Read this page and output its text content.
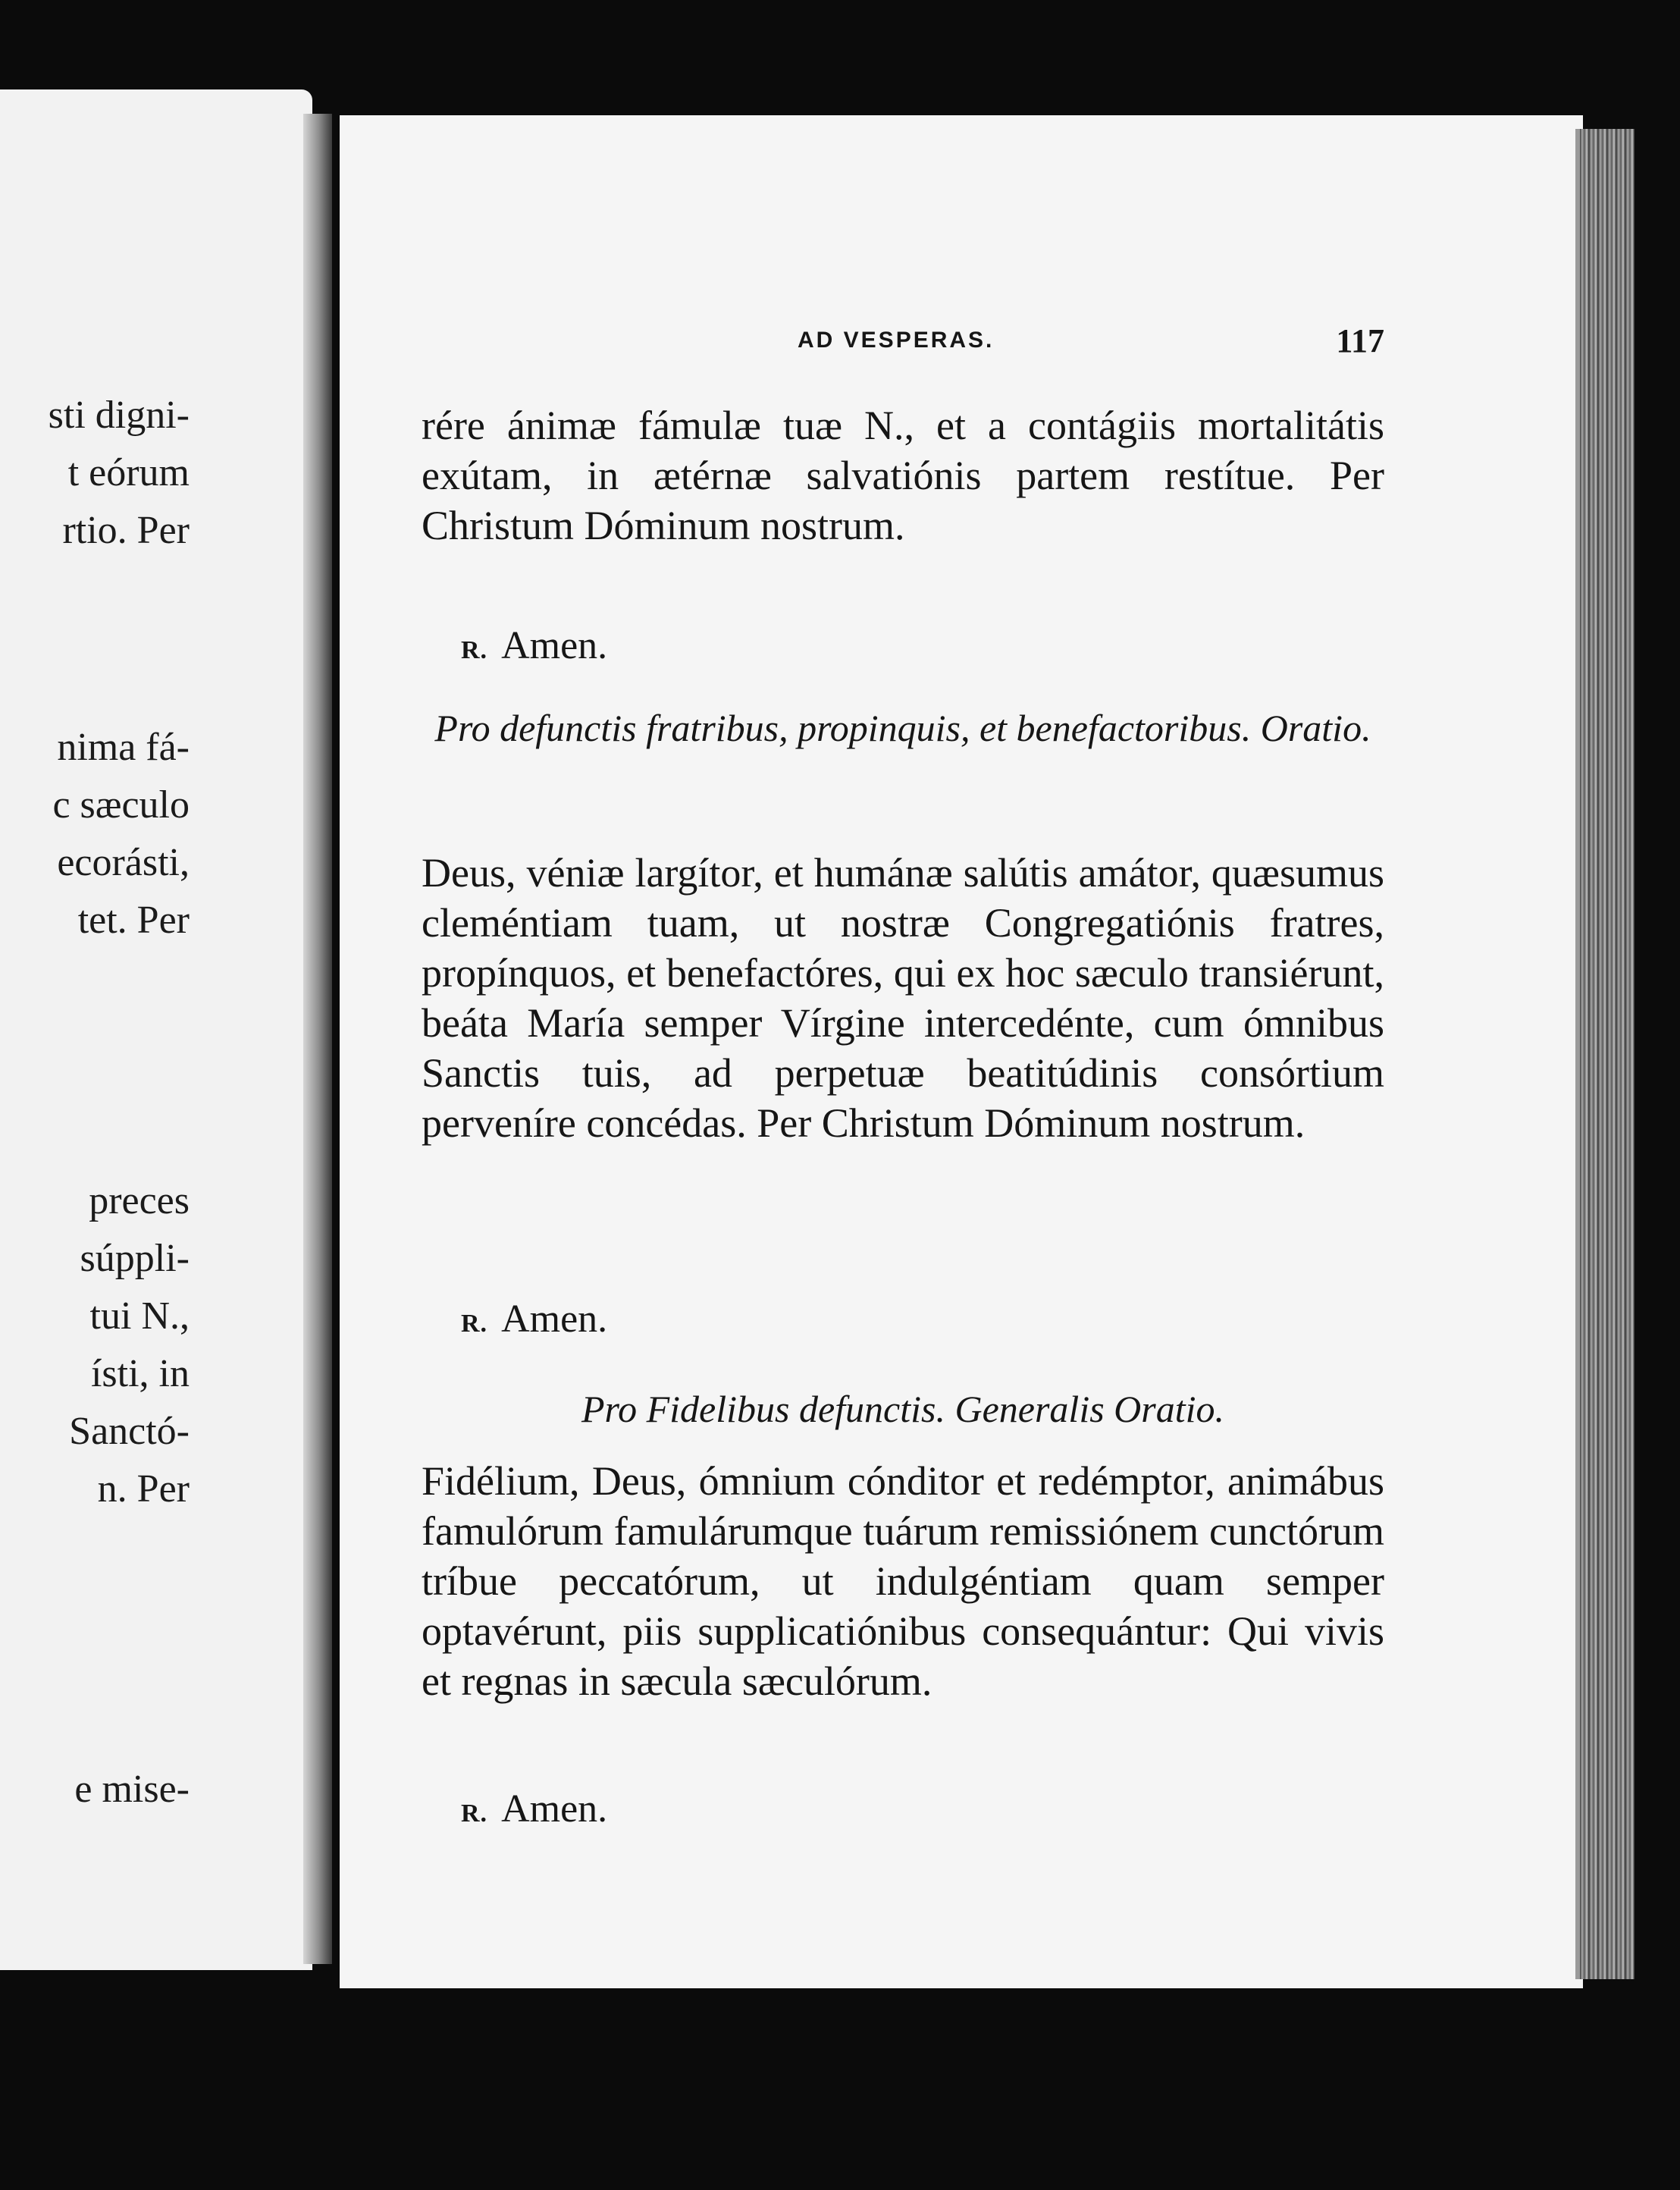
sti digni-
t eórum
rtio. Per
nima fá-
c sæculo
ecorásti,
tet. Per
preces
súppli-
tui N.,
ísti, in
Sanctó-
n. Per
e mise-
AD VESPERAS.	117
rére ánimæ fámulæ tuæ N., et a contágiis mortalitátis exútam, in ætérnæ salvatiónis partem restítue. Per Christum Dóminum nostrum.
R. Amen.
Pro defunctis fratribus, propinquis, et benefactoribus. Oratio.
Deus, véniæ largítor, et humánæ salútis amátor, quæsumus cleméntiam tuam, ut nostræ Congregatiónis fratres, propínquos, et benefactóres, qui ex hoc sæculo transiérunt, beáta María semper Vírgine intercedénte, cum ómnibus Sanctis tuis, ad perpetuæ beatitúdinis consórtium perveníre concédas. Per Christum Dóminum nostrum.
R. Amen.
Pro Fidelibus defunctis. Generalis Oratio.
Fidélium, Deus, ómnium cónditor et redémptor, animábus famulórum famulárumque tuárum remissiónem cunctórum tríbue peccatórum, ut indulgéntiam quam semper optavérunt, piis supplicatiónibus consequántur: Qui vivis et regnas in sæcula sæculórum.
R. Amen.
